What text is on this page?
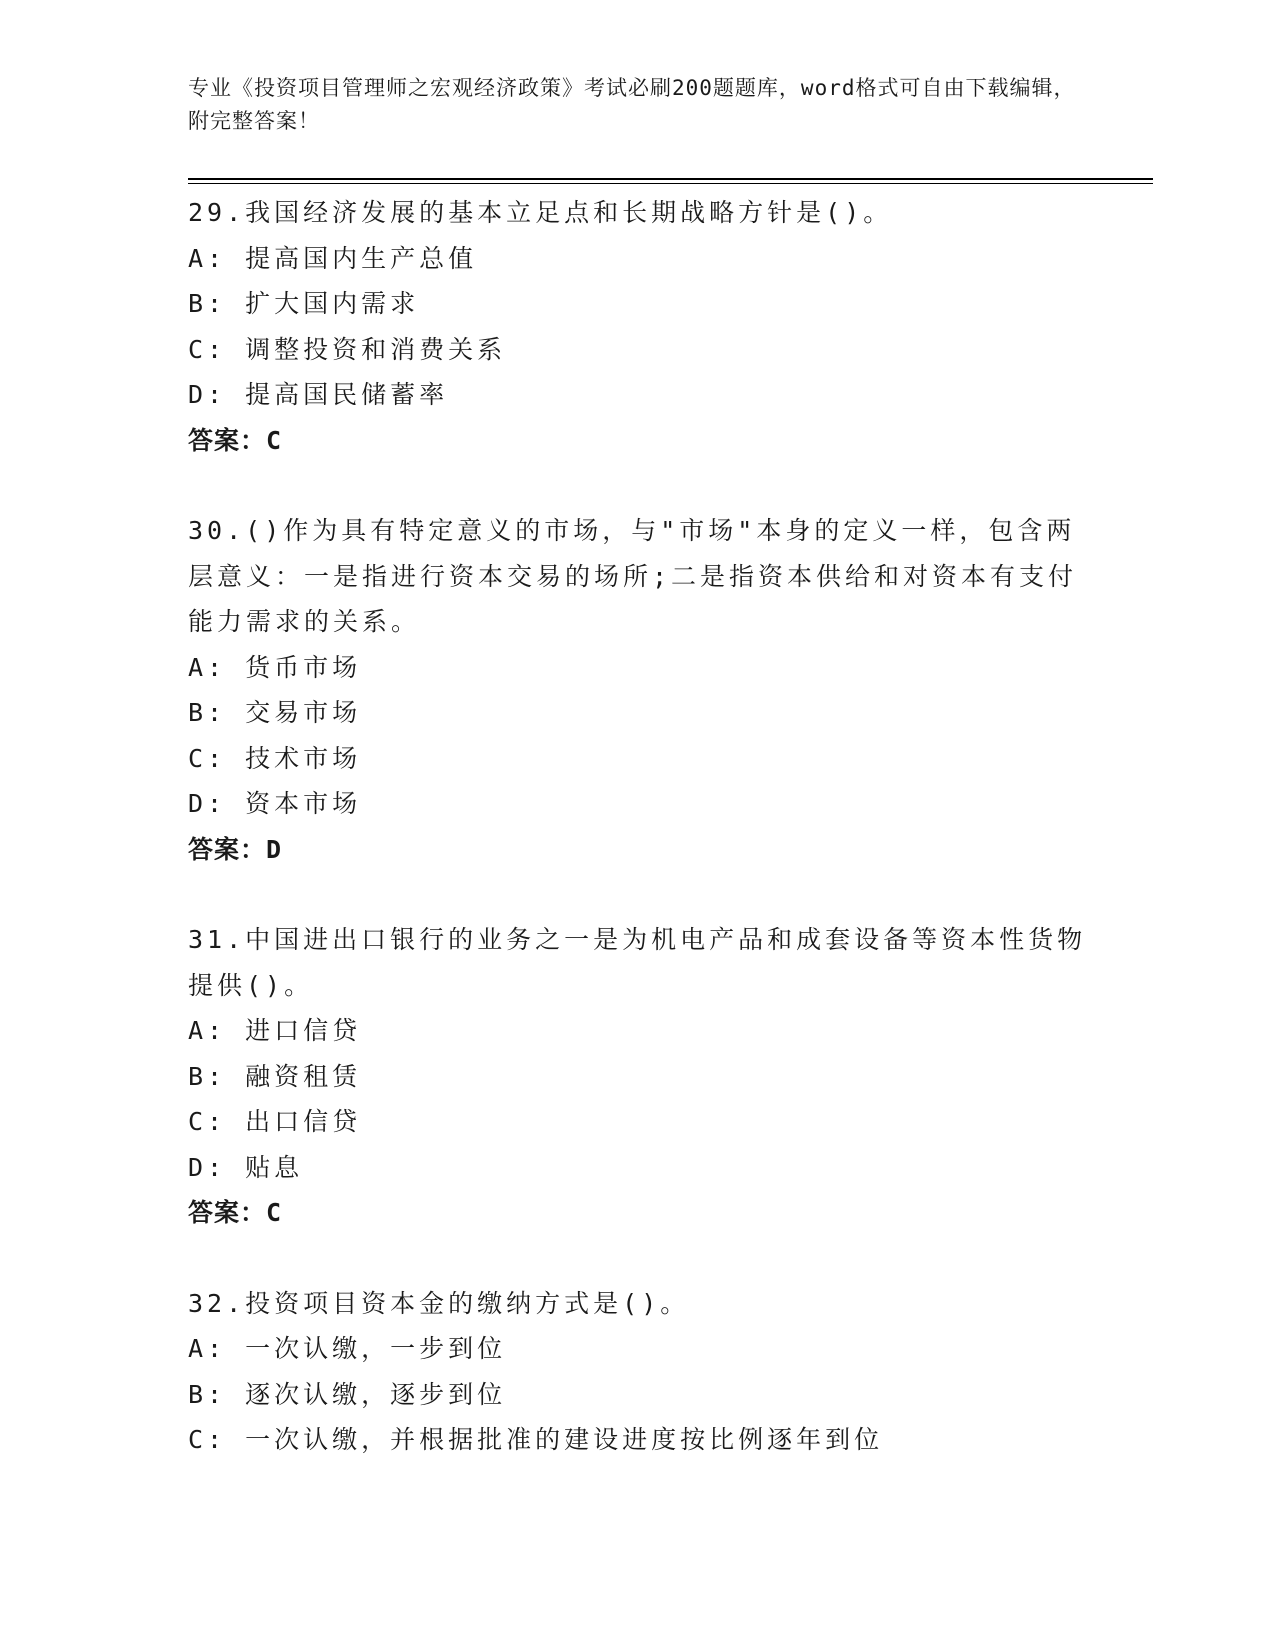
专业《投资项目管理师之宏观经济政策》考试必刷200题题库，word格式可自由下载编辑，附完整答案！
29.我国经济发展的基本立足点和长期战略方针是()。
A: 提高国内生产总值
B: 扩大国内需求
C: 调整投资和消费关系
D: 提高国民储蓄率
答案：C
30.()作为具有特定意义的市场，与"市场"本身的定义一样，包含两层意义：一是指进行资本交易的场所;二是指资本供给和对资本有支付能力需求的关系。
A: 货币市场
B: 交易市场
C: 技术市场
D: 资本市场
答案：D
31.中国进出口银行的业务之一是为机电产品和成套设备等资本性货物提供()。
A: 进口信贷
B: 融资租赁
C: 出口信贷
D: 贴息
答案：C
32.投资项目资本金的缴纳方式是()。
A: 一次认缴，一步到位
B: 逐次认缴，逐步到位
C: 一次认缴，并根据批准的建设进度按比例逐年到位
